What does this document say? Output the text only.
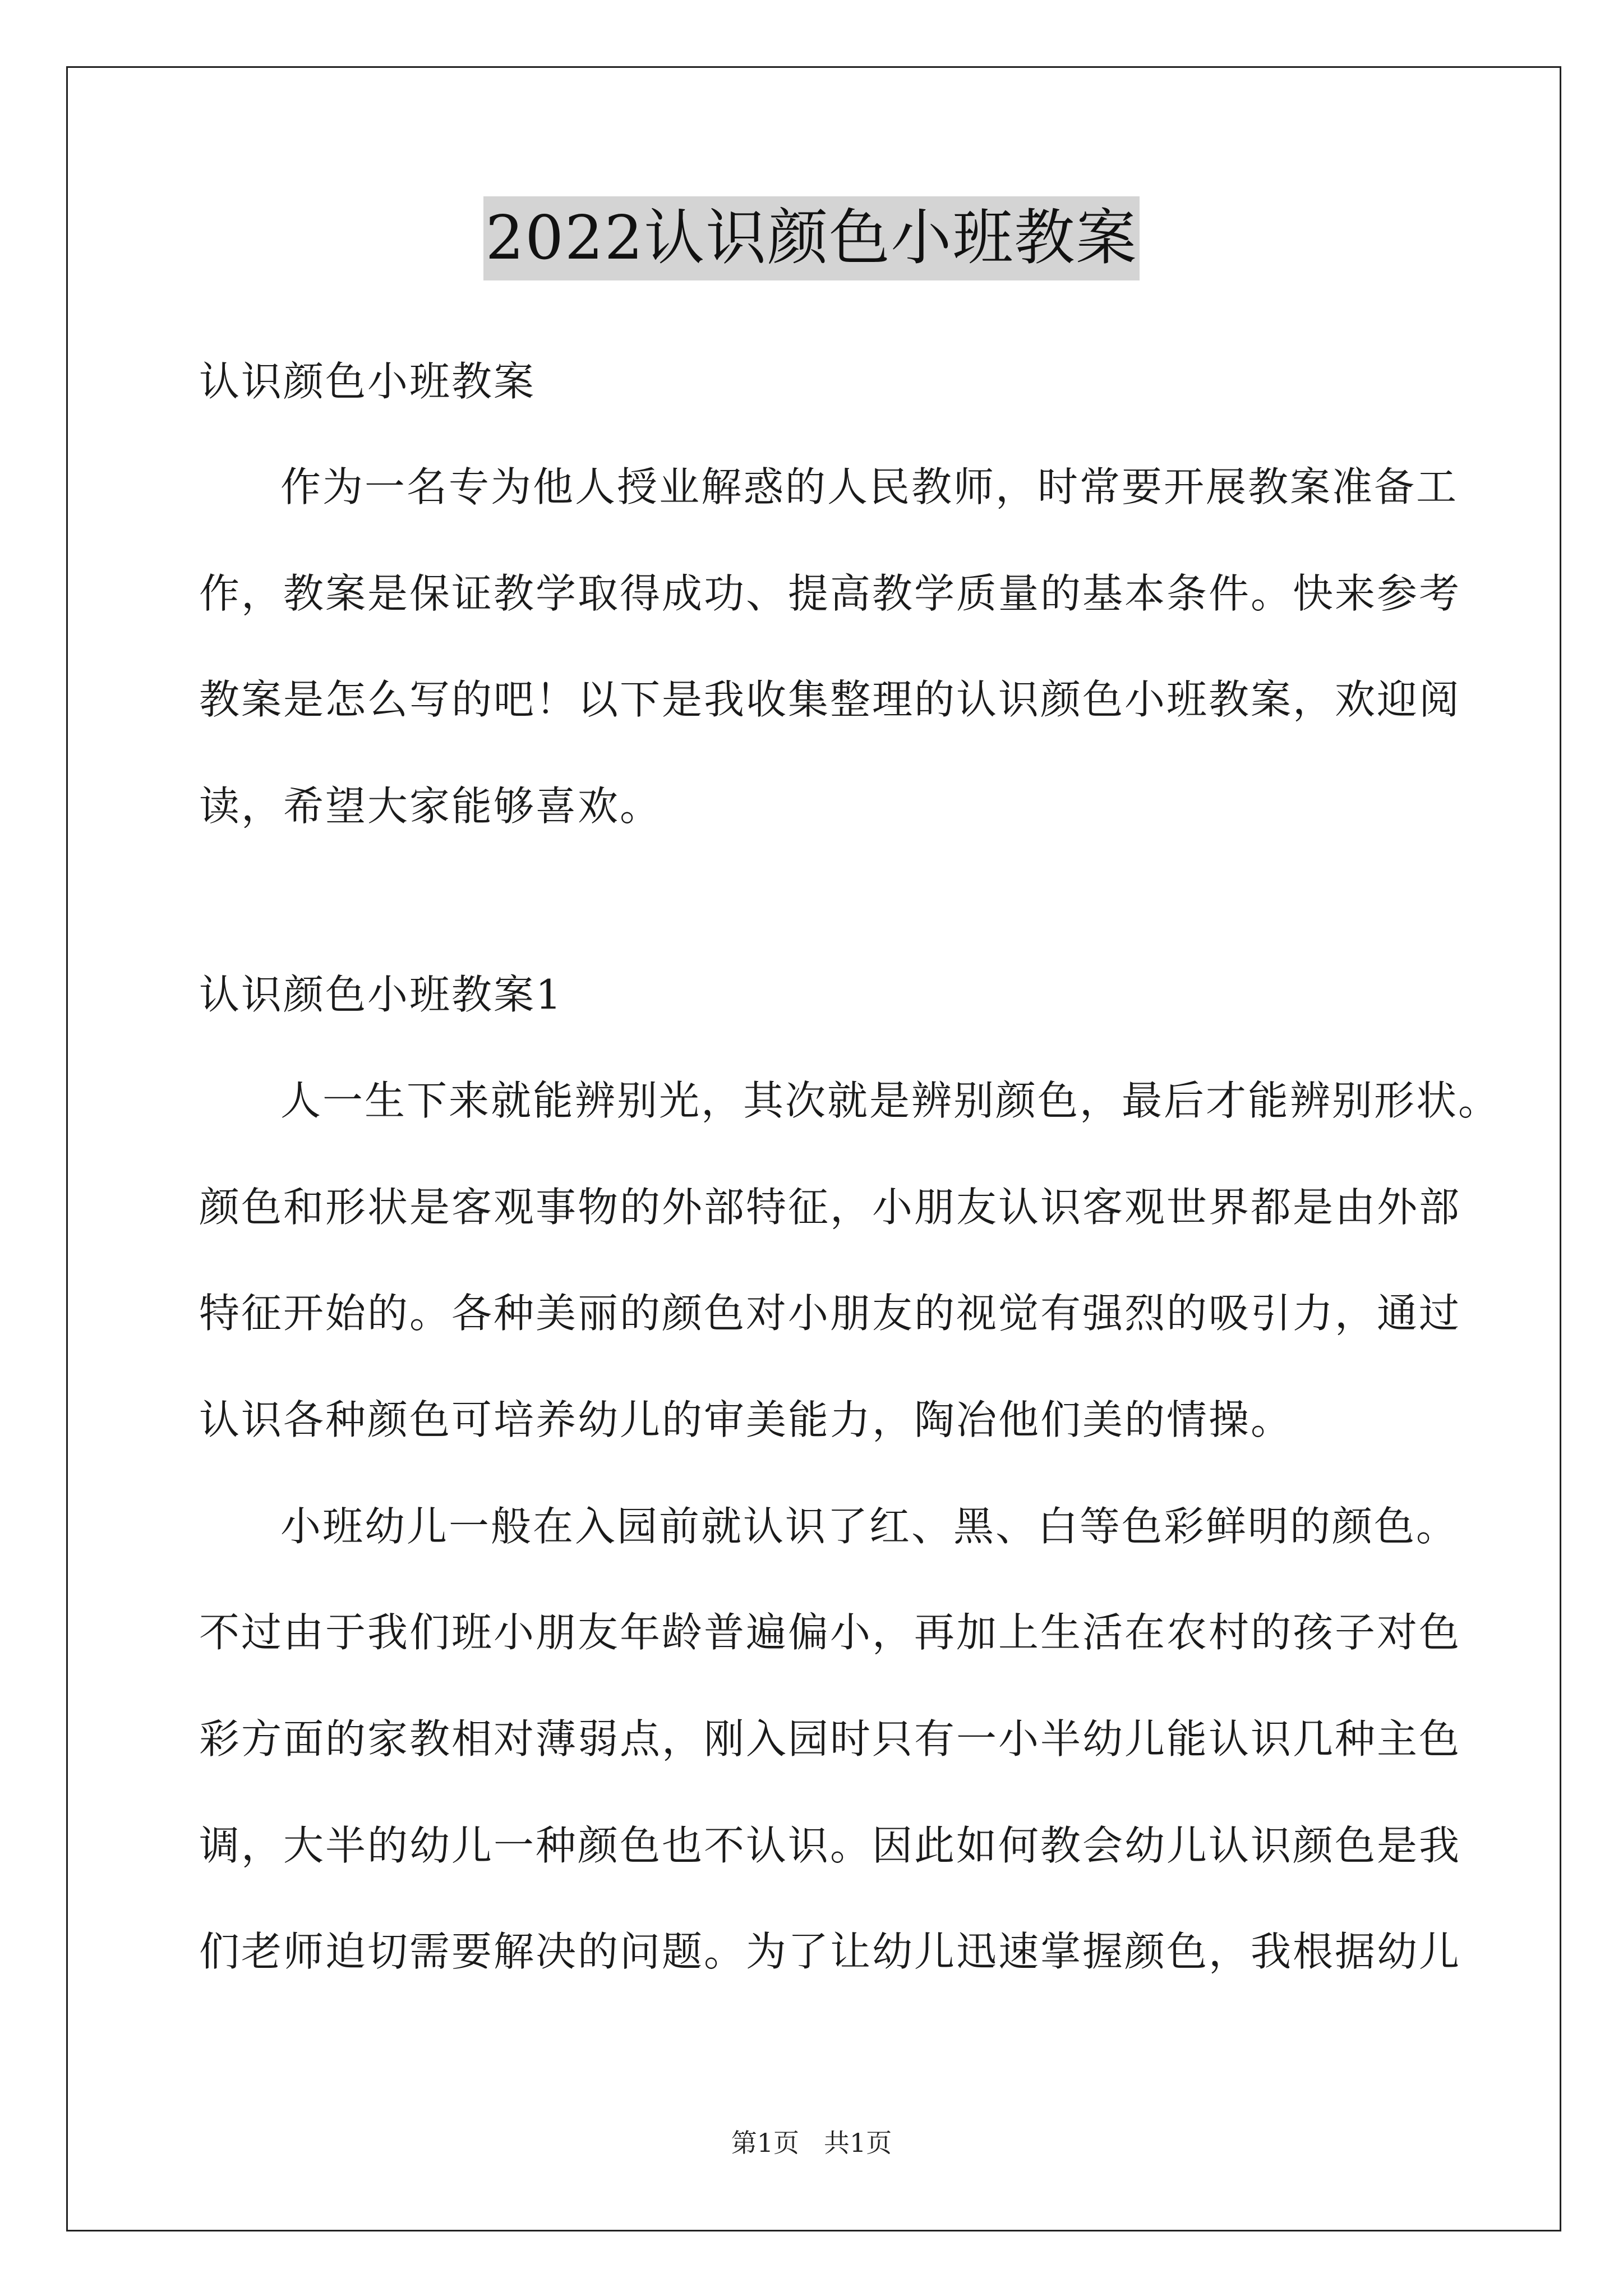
2022认识颜色小班教案
认识颜色小班教案
作为一名专为他人授业解惑的人民教师，时常要开展教案准备工
作，教案是保证教学取得成功、提高教学质量的基本条件。快来参考
教案是怎么写的吧！以下是我收集整理的认识颜色小班教案，欢迎阅
读，希望大家能够喜欢。
认识颜色小班教案1
人一生下来就能辨别光，其次就是辨别颜色，最后才能辨别形状。
颜色和形状是客观事物的外部特征，小朋友认识客观世界都是由外部
特征开始的。各种美丽的颜色对小朋友的视觉有强烈的吸引力，通过
认识各种颜色可培养幼儿的审美能力，陶冶他们美的情操。
小班幼儿一般在入园前就认识了红、黑、白等色彩鲜明的颜色。
不过由于我们班小朋友年龄普遍偏小，再加上生活在农村的孩子对色
彩方面的家教相对薄弱点，刚入园时只有一小半幼儿能认识几种主色
调，大半的幼儿一种颜色也不认识。因此如何教会幼儿认识颜色是我
们老师迫切需要解决的问题。为了让幼儿迅速掌握颜色，我根据幼儿
第1页 共1页
